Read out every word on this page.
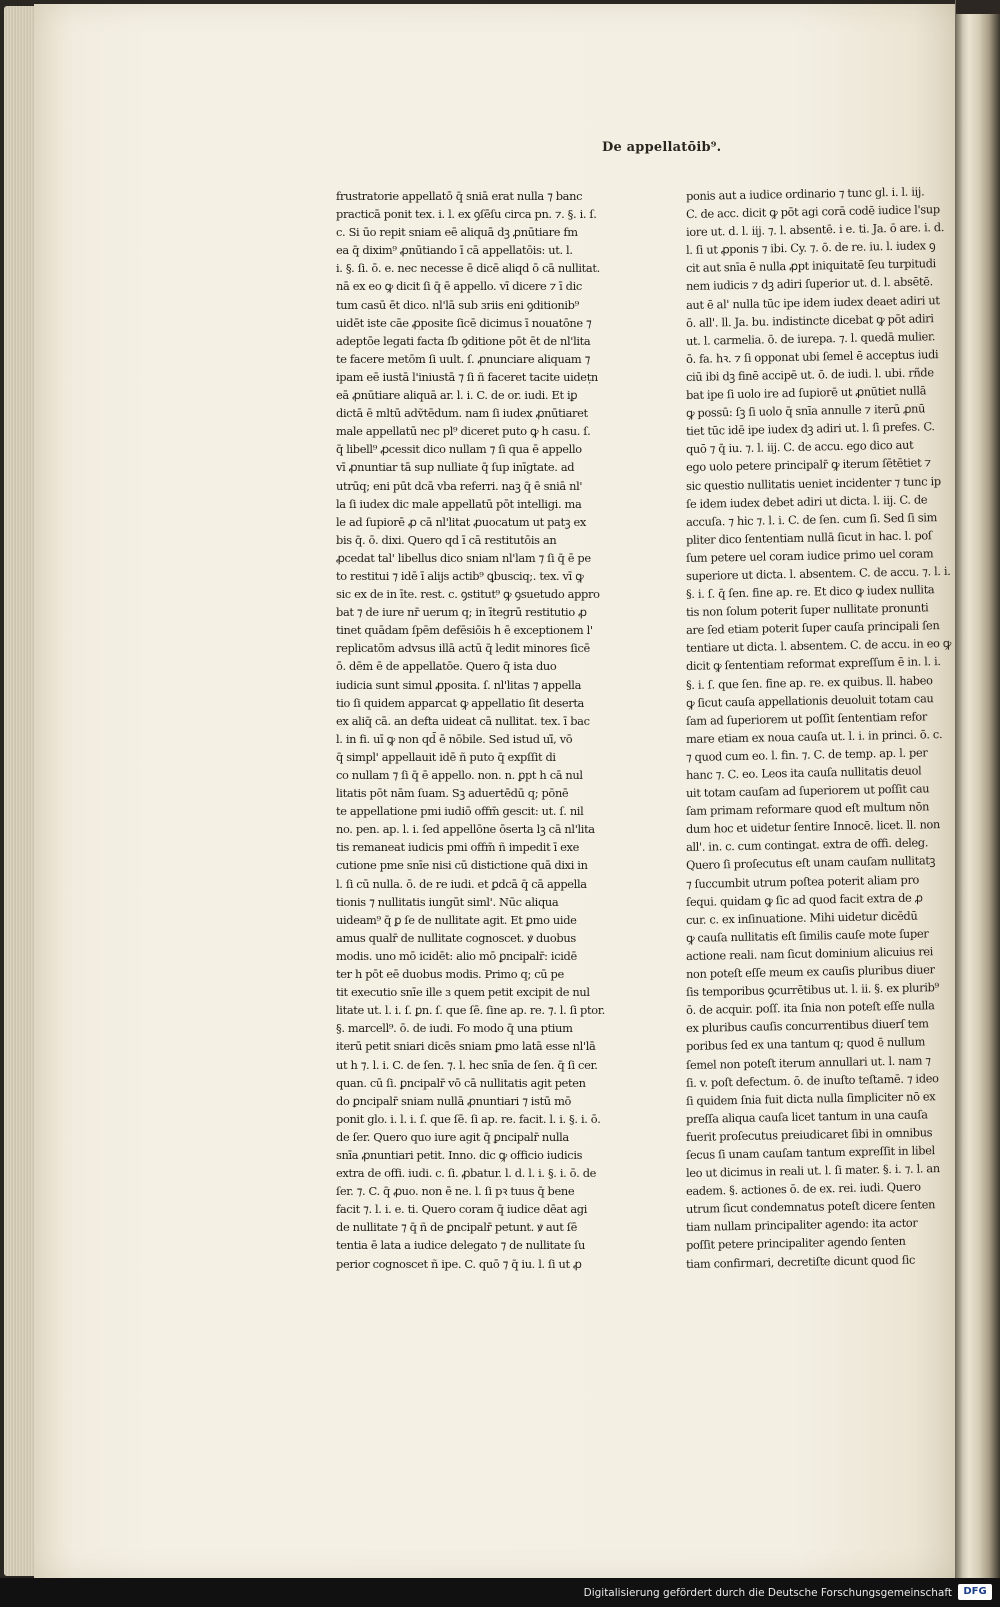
De appellatōib⁹.
frustratorie appellatō q̄ sniā erat nulla ⁊ banc
practicā ponit tex. i. l. ex ꝯſēſu circa pn. ⁊. §. i. ſ.
c. Si ūo repit sniam eē aliquā dꝫ ꝓnūtiare fm
ea q̄ dixim⁹ ꝓnūtiando ī cā appellatōis: ut. l.
i. §. ſi. ō. e. nec necesse ē dicē aliqd ō cā nullitat.
nā ex eo ꝙ dicit ſi q̄ ē appello. vī dicere ⁊ ī dic
tum casū ēt dico. nl'lā sub ɜriis eni ꝯditionib⁹
uidēt iste cāe ꝓposite ſicē dicimus ī nouatōne ⁊
adeptōe legati facta ſb ꝯditione pōt ēt de nl'lita
te facere metōm ſi uult. ſ. ꝓnunciare aliquam ⁊
ipam eē iustā l'iniustā ⁊ ſi ñ faceret tacite uideṭn
eā ꝓnūtiare aliquā ar. l. i. C. de or. iudi. Et iꝑ
dictā ē mltū adṽtēdum. nam ſi iudex ꝓnūtiaret
male appellatū nec pl⁹ diceret puto ꝙ h casu. ſ.
q̄ libell⁹ ꝓcessit dico nullam ⁊ ſi qua ē appello
vī ꝓnuntiar tā sup nulliate q̄ ſup inīgtate. ad
utrūq; eni pūt dcā vba referri. naꝫ q̄ ē sniā nl'
la ſi iudex dic male appellatū pōt intelligi. ma
le ad ſupiorē ꝓ cā nl'litat ꝓuocatum ut patꝫ ex
bis q̄. ō. dixi. Quero qd ī cā restitutōis an
ꝓcedat tal' libellus dico sniam nl'lam ⁊ ſi q̄ ē pe
to restitui ⁊ idē ī alijs actib⁹ ꝗbusciq;. tex. vī ꝙ
sic ex de in īte. rest. c. ꝯstitut⁹ ꝙ ꝯsuetudo appro
bat ⁊ de iure nr̄ uerum q; in ītegrū restitutio ꝓ
tinet quādam ſpēm defēsiōis h ē exceptionem l'
replicatōm advsus illā actū q̄ ledit minores ſicē
ō. dēm ē de appellatōe. Quero q̄ ista duo
iudicia sunt simul ꝓposita. ſ. nl'litas ⁊ appella
tio ſi quidem apparcat ꝙ appellatio ſit deserta
ex aliq̄ cā. an defta uideat cā nullitat. tex. ī bac
l. in fi. uī ꝙ non qd̄ ē nōbile. Sed istud uī̄, vō
q̄ simpl' appellauit idē ñ puto q̄ expſſit di
co nullam ⁊ ſi q̄ ē appello. non. n. ꝑpt h cā nul
litatis pōt nām ſuam. Sꝫ aduertēdū q; pōnē
te appellatione pmi iudiō offm̄ gescit: ut. ſ. nil
no. pen. ap. l. i. ſed appellōne ōserta lꝫ cā nl'lita
tis remaneat iudicis pmi offm̄ ñ impedit ī exe
cutione pme snīe nisi cū distictione quā dixi in
l. ſi cū nulla. ō. de re iudi. et ꝑdcā q̄ cā appella
tionis ⁊ nullitatis iungūt siml'. Nūc aliqua
uideam⁹ q̄ ꝑ ſe de nullitate agit. Et ꝑmo uide
amus qualr̄ de nullitate cognoscet. ꝟ duobus
modis. uno mō icidēt: alio mō ꝑncipalr̄: icidē
ter h pōt eē duobus modis. Primo q; cū pe
tit executio snīe ille ɜ quem petit excipit de nul
litate ut. l. i. ſ. ꝑn. ſ. que ſē. ſine ap. re. ⁊. l. ſi ptor.
§. marcell⁹. ō. de iudi. Fo modo q̄ una ptium
iterū petit sniari dicēs sniam ꝑmo latā esse nl'lā
ut h ⁊. l. i. C. de ſen. ⁊. l. hec snīa de ſen. q̄ ſi cer.
quan. cū ſi. ꝑncipalr̄ vō cā nullitatis agit peten
do ꝑncipalr̄ sniam nullā ꝓnuntiari ⁊ istū mō
ponit glo. i. l. i. ſ. que ſē. ſi ap. re. facit. l. i. §. i. ō.
de ſer. Quero quo iure agit q̄ ꝑncipalr̄ nulla
snīa ꝓnuntiari petit. Inno. dic ꝙ officio iudicis
extra de offi. iudi. c. ſi. ꝓbatur. l. d. l. i. §. i. ō. de
ſer. ⁊. C. q̄ ꝓuo. non ē ne. l. ſi pꝛ tuus q̄ bene
facit ⁊. l. i. e. ti. Quero coram q̄ iudice dēat agi
de nullitate ⁊ q̄ ñ de ꝑncipalr̄ petunt. ꝟ aut ſē
tentia ē lata a iudice delegato ⁊ de nullitate ſu
perior cognoscet ñ ipe. C. quō ⁊ q̄ iu. l. ſi ut ꝓ
ponis aut a iudice ordinario ⁊ tunc gl. i. l. iij.
C. de acc. dicit ꝙ pōt agi corā codē iudice l'sup
iore ut. d. l. iij. ⁊. l. absentē. i e. ti. Ja. ō are. i. d.
l. ſi ut ꝓponis ⁊ ibi. Cy. ⁊. ō. de re. iu. l. iudex ꝯ
cit aut snīa ē nulla ꝓpt iniquitatē ſeu turpitudi
nem iudicis ⁊ dꝫ adiri ſuperior ut. d. l. absētē.
aut ē al' nulla tūc ipe idem iudex deaet adiri ut
ō. all'. ll. Ja. bu. indistincte dicebat ꝙ pōt adiri
ut. l. carmelia. ō. de iurepa. ⁊. l. quedā mulier.
ō. fa. hꝛ. ⁊ ſi opponat ubi ſemel ē acceptus iudi
ciū ibi dꝫ finē accipē ut. ō. de iudi. l. ubi. rñde
bat ipe ſi uolo ire ad ſupiorē ut ꝓnūtiet nullā
ꝙ possū: ſꝫ ſi uolo q̄ snīa annulle ⁊ iterū ꝓnū
tiet tūc idē ipe iudex dꝫ adiri ut. l. ſi prefes. C.
quō ⁊ q̄ iu. ⁊. l. iij. C. de accu. ego dico aut
ego uolo petere principalr̄ ꝙ iterum ſētētiet ⁊
sic questio nullitatis ueniet incidenter ⁊ tunc ip
ſe idem iudex debet adiri ut dicta. l. iij. C. de
accuſa. ⁊ hic ⁊. l. i. C. de ſen. cum ſi. Sed ſi sim
pliter dico ſententiam nullā ſicut in hac. l. poſ
ſum petere uel coram iudice primo uel coram
superiore ut dicta. l. absentem. C. de accu. ⁊. l. i.
§. i. ſ. q̄ ſen. fine ap. re. Et dico ꝙ iudex nullita
tis non ſolum poterit ſuper nullitate pronunti
are ſed etiam poterit ſuper cauſa principali ſen
tentiare ut dicta. l. absentem. C. de accu. in eo ꝙ
dicit ꝙ ſententiam reformat expreſſum ē in. l. i.
§. i. ſ. que ſen. fine ap. re. ex quibus. ll. habeo
ꝙ ſicut cauſa appellationis deuoluit totam cau
ſam ad ſuperiorem ut poſſit ſententiam refor
mare etiam ex noua cauſa ut. l. i. in princi. ō. c.
⁊ quod cum eo. l. fin. ⁊. C. de temp. ap. l. per
hanc ⁊. C. eo. Leos ita cauſa nullitatis deuol
uit totam cauſam ad ſuperiorem ut poſſit cau
ſam primam reformare quod eſt multum nōn
dum hoc et uidetur ſentire Innocē. licet. ll. non
all'. in. c. cum contingat. extra de offi. deleg.
Quero ſi proſecutus eſt unam cauſam nullitatꝫ
⁊ ſuccumbit utrum poſtea poterit aliam pro
ſequi. quidam ꝙ ſic ad quod facit extra de ꝓ
cur. c. ex inſinuatione. Mihi uidetur dicēdū
ꝙ cauſa nullitatis eſt ſimilis cauſe mote ſuper
actione reali. nam ſicut dominium alicuius rei
non poteſt eſſe meum ex cauſis pluribus diuer
ſis temporibus ꝯcurrētibus ut. l. ii. §. ex plurib⁹
ō. de acquir. poſſ. ita ſnia non poteſt eſſe nulla
ex pluribus cauſis concurrentibus diuerſ tem
poribus ſed ex una tantum q; quod ē nullum
ſemel non poteſt iterum annullari ut. l. nam ⁊
ſi. v. poſt defectum. ō. de inuſto teſtamē. ⁊ ideo
ſi quidem ſnia fuit dicta nulla ſimpliciter nō ex
preſſa aliqua cauſa licet tantum in una cauſa
fuerit proſecutus preiudicaret ſibi in omnibus
ſecus ſi unam cauſam tantum expreſſit in libel
leo ut dicimus in reali ut. l. ſi mater. §. i. ⁊. l. an
eadem. §. actiones ō. de ex. rei. iudi. Quero
utrum ſicut condemnatus poteſt dicere ſenten
tiam nullam principaliter agendo: ita actor
poſſit petere principaliter agendo ſenten
tiam confirmari, decretiſte dicunt quod ſic
Digitalisierung gefördert durch die Deutsche Forschungsgemeinschaft	DFG
